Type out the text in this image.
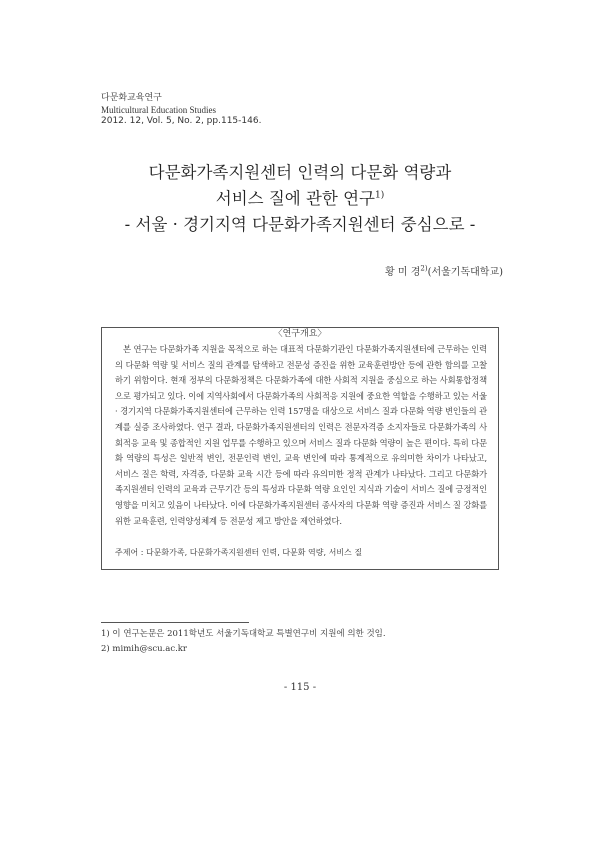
다문화교육연구
Multicultural Education Studies
2012. 12, Vol. 5, No. 2, pp.115-146.
다문화가족지원센터 인력의 다문화 역량과
서비스 질에 관한 연구$^{1)}$
- 서울 · 경기지역 다문화가족지원센터 중심으로 -
황 미 경$^{2)}$(서울기독대학교)
〈연구개요〉
본 연구는 다문화가족 지원을 목적으로 하는 대표적 다문화기관인 다문화가족지원센터에 근무하는 인력의 다문화 역량 및 서비스 질의 관계를 탐색하고 전문성 증진을 위한 교육훈련방안 등에 관한 함의를 고찰하기 위함이다. 현재 정부의 다문화정책은 다문화가족에 대한 사회적 지원을 중심으로 하는 사회통합정책으로 평가되고 있다. 이에 지역사회에서 다문화가족의 사회적응 지원에 중요한 역할을 수행하고 있는 서울 · 경기지역 다문화가족지원센터에 근무하는 인력 157명을 대상으로 서비스 질과 다문화 역량 변인들의 관계를 실증 조사하였다. 연구 결과, 다문화가족지원센터의 인력은 전문자격증 소지자들로 다문화가족의 사회적응 교육 및 종합적인 지원 업무를 수행하고 있으며 서비스 질과 다문화 역량이 높은 편이다. 특히 다문화 역량의 특성은 일반적 변인, 전문인력 변인, 교육 변인에 따라 통계적으로 유의미한 차이가 나타났고, 서비스 질은 학력, 자격증, 다문화 교육 시간 등에 따라 유의미한 정적 관계가 나타났다. 그리고 다문화가족지원센터 인력의 교육과 근무기간 등의 특성과 다문화 역량 요인인 지식과 기술이 서비스 질에 긍정적인 영향을 미치고 있음이 나타났다. 이에 다문화가족지원센터 종사자의 다문화 역량 증진과 서비스 질 강화를 위한 교육훈련, 인력양성체계 등 전문성 제고 방안을 제언하였다.
주제어 : 다문화가족, 다문화가족지원센터 인력, 다문화 역량, 서비스 질
1) 이 연구논문은 2011학년도 서울기독대학교 특별연구비 지원에 의한 것임.
2) mimih@scu.ac.kr
- 115 -
